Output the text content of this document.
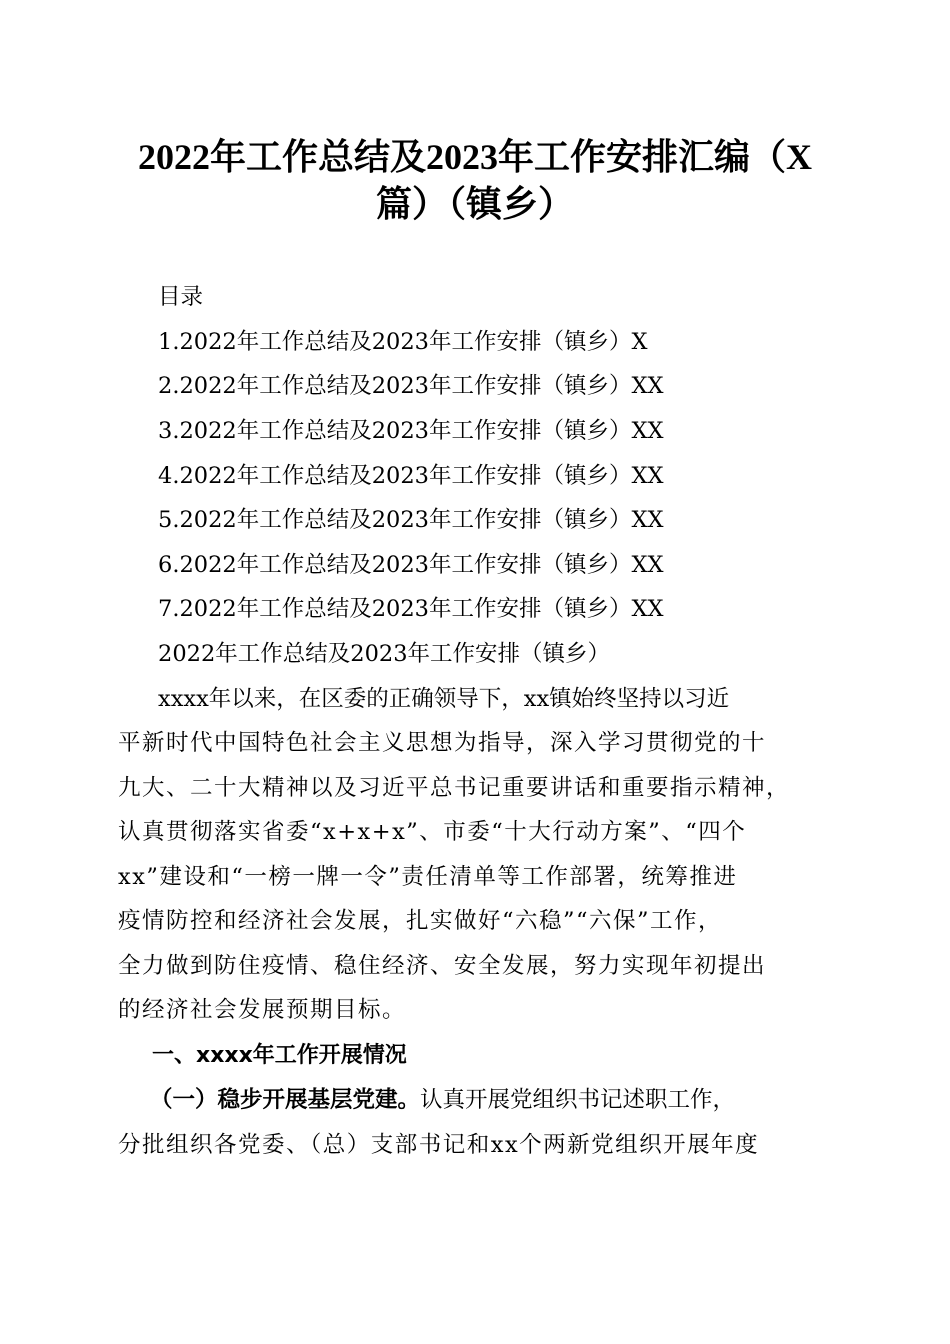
2022年工作总结及2023年工作安排汇编（X
篇）（镇乡）
目录
1.2022年工作总结及2023年工作安排（镇乡）X
2.2022年工作总结及2023年工作安排（镇乡）XX
3.2022年工作总结及2023年工作安排（镇乡）XX
4.2022年工作总结及2023年工作安排（镇乡）XX
5.2022年工作总结及2023年工作安排（镇乡）XX
6.2022年工作总结及2023年工作安排（镇乡）XX
7.2022年工作总结及2023年工作安排（镇乡）XX
2022年工作总结及2023年工作安排（镇乡）
xxxx年以来，在区委的正确领导下，xx镇始终坚持以习近
平新时代中国特色社会主义思想为指导，深入学习贯彻党的十
九大、二十大精神以及习近平总书记重要讲话和重要指示精神，
认真贯彻落实省委“x+x+x”、市委“十大行动方案”、“四个
xx”建设和“一榜一牌一令”责任清单等工作部署，统筹推进
疫情防控和经济社会发展，扎实做好“六稳”“六保”工作，
全力做到防住疫情、稳住经济、安全发展，努力实现年初提出
的经济社会发展预期目标。
一、xxxx年工作开展情况
（一）稳步开展基层党建。认真开展党组织书记述职工作，
分批组织各党委、（总）支部书记和xx个两新党组织开展年度
